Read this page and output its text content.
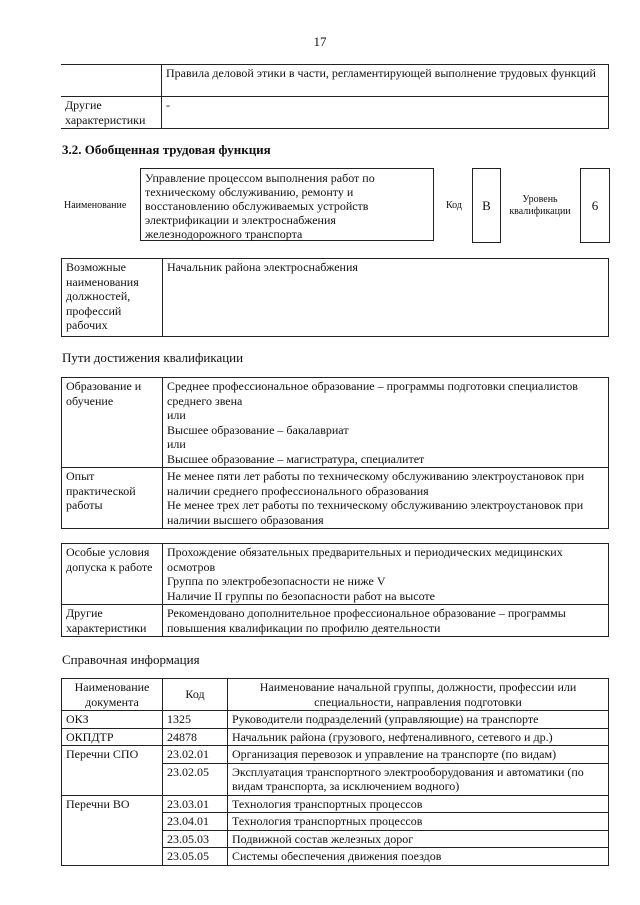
17
	Правила деловой этики в части, регламентирующей выполнение трудовых функций
Другие характеристики	-
3.2. Обобщенная трудовая функция
Наименование
Управление процессом выполнения работ по техническому обслуживанию, ремонту и восстановлению обслуживаемых устройств электрификации и электроснабжения железнодорожного транспорта
Код	B	Уровень квалификации	6
Возможные наименования должностей, профессий рабочих	Начальник района электроснабжения
Пути достижения квалификации
Образование и обучение	Среднее профессиональное образование – программы подготовки специалистов среднего звена
или
Высшее образование – бакалавриат
или
Высшее образование – магистратура, специалитет

Опыт практической работы	Не менее пяти лет работы по техническому обслуживанию электроустановок при наличии среднего профессионального образования
Не менее трех лет работы по техническому обслуживанию электроустановок при наличии высшего образования
Особые условия допуска к работе	Прохождение обязательных предварительных и периодических медицинских осмотров
Группа по электробезопасности не ниже V
Наличие II группы по безопасности работ на высоте

Другие характеристики	Рекомендовано дополнительное профессиональное образование – программы повышения квалификации по профилю деятельности
Справочная информация
Наименование документа	Код	Наименование начальной группы, должности, профессии или специальности, направления подготовки
ОКЗ	1325	Руководители подразделений (управляющие) на транспорте
ОКПДТР	24878	Начальник района (грузового, нефтеналивного, сетевого и др.)
Перечни СПО	23.02.01	Организация перевозок и управление на транспорте (по видам)
	23.02.05	Эксплуатация транспортного электрооборудования и автоматики (по видам транспорта, за исключением водного)
Перечни ВО	23.03.01	Технология транспортных процессов
	23.04.01	Технология транспортных процессов
	23.05.03	Подвижной состав железных дорог
	23.05.05	Системы обеспечения движения поездов
